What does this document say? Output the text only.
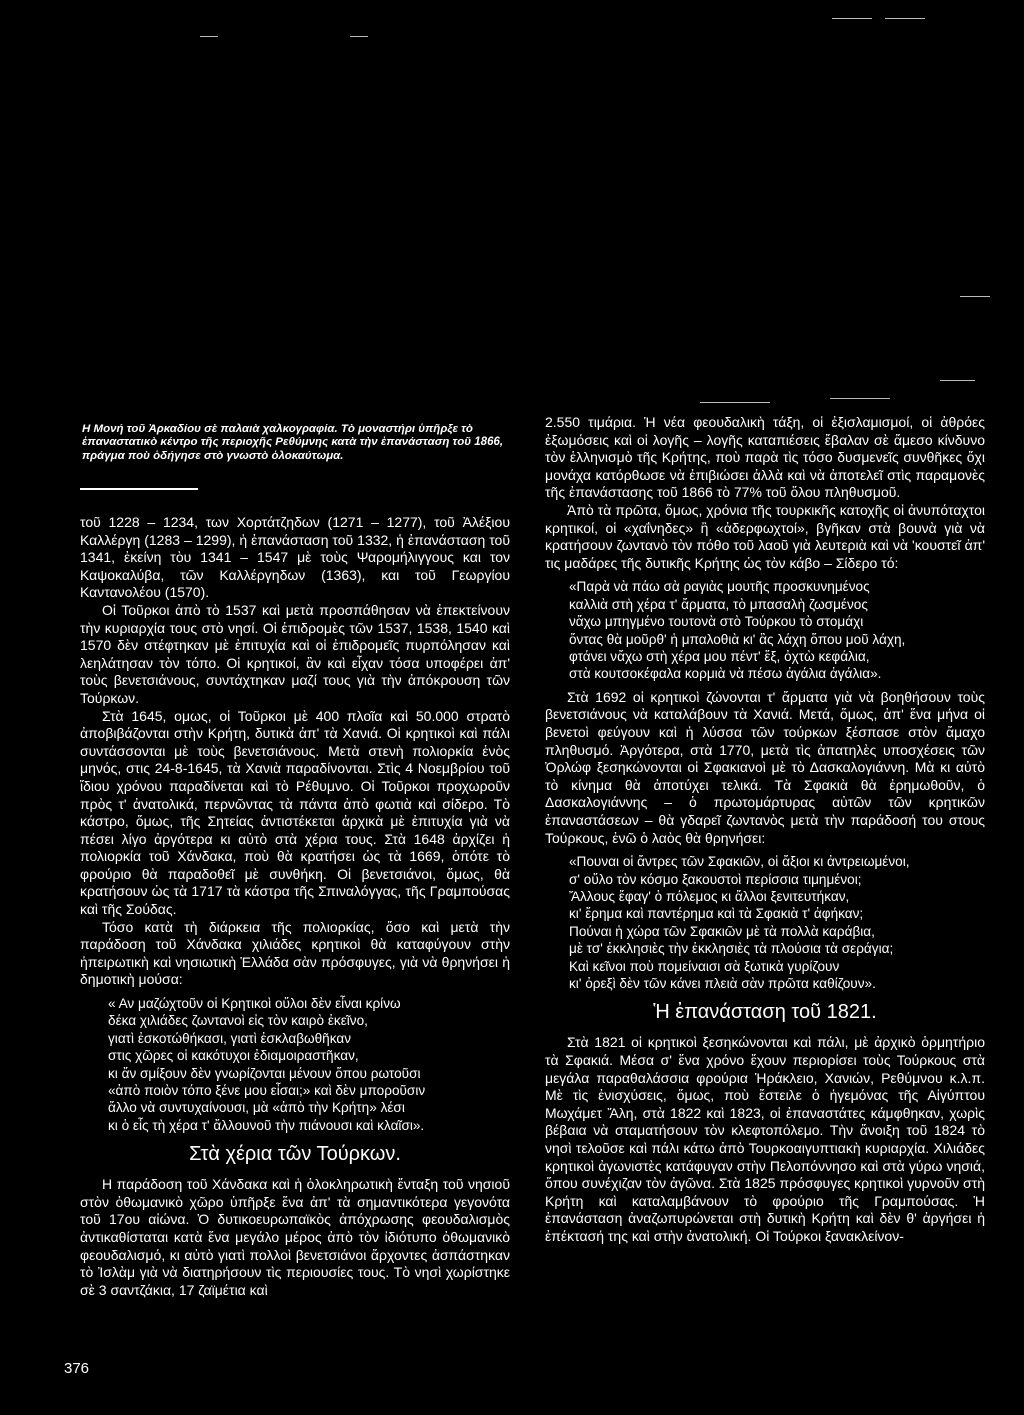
Η Μονή τοῦ Ἀρκαδίου σὲ παλαιὰ χαλκογραφία. Τὸ μοναστήρι ὑπῆρξε τὸ ἐπαναστατικὸ κέντρο τῆς περιοχῆς Ρεθύμνης κατὰ τὴν ἐπανάσταση τοῦ 1866, πράγμα ποὺ ὁδήγησε στὸ γνωστὸ ὁλοκαύτωμα.

τοῦ 1228 – 1234, των Χορτάτζηδων (1271 – 1277), τοῦ Ἀλέξιου Καλλέργη (1283 – 1299), ἡ ἐπανάσταση τοῦ 1332, ἡ ἐπανάσταση τοῦ 1341, ἐκείνη τὸυ 1341 – 1547 μὲ τοὺς Ψαρομήλιγγους και τον Καψοκαλύβα, τῶν Καλλέργηδων (1363), και τοῦ Γεωργίου Καντανολέου (1570).

Οἱ Τοῦρκοι ἀπὸ τὸ 1537 καὶ μετὰ προσπάθησαν νὰ ἐπεκτείνουν τὴν κυριαρχία τους στὸ νησί. Οἱ ἐπιδρομὲς τῶν 1537, 1538, 1540 καὶ 1570 δὲν στέφτηκαν μὲ ἐπιτυχία καὶ οἱ ἐπιδρομεῖς πυρπόλησαν καὶ λεηλάτησαν τὸν τόπο. Οἱ κρητικοί, ἂν καὶ εἶχαν τόσα υποφέρει ἀπ' τοὺς βενετσιάνους, συντάχτηκαν μαζί τους γιὰ τὴν ἀπόκρουση τῶν Τούρκων.

Στὰ 1645, ομως, οἱ Τοῦρκοι μὲ 400 πλοῖα καὶ 50.000 στρατὸ ἀποβιβάζονται στὴν Κρήτη, δυτικὰ ἀπ' τὰ Χανιά. Οἱ κρητικοὶ καὶ πάλι συντάσσονται μὲ τοὺς βενετσιάνους. Μετὰ στενὴ πολιορκία ἑνὸς μηνός, στις 24-8-1645, τὰ Χανιὰ παραδίνονται. Στὶς 4 Νοεμβρίου τοῦ ἴδιου χρόνου παραδίνεται καὶ τὸ Ρέθυμνο. Οἱ Τοῦρκοι προχωροῦν πρὸς τ' ἀνατολικά, περνῶντας τὰ πάντα ἀπὸ φωτιὰ καὶ σίδερο. Τὸ κάστρο, ὅμως, τῆς Σητείας ἀντιστέκεται ἀρχικὰ μὲ ἐπιτυχία γιὰ νὰ πέσει λίγο ἀργότερα κι αὐτὸ στὰ χέρια τους. Στὰ 1648 ἀρχίζει ἡ πολιορκία τοῦ Χάνδακα, ποὺ θὰ κρατήσει ὡς τὰ 1669, ὁπότε τὸ φρούριο θὰ παραδοθεῖ μὲ συνθήκη. Οἱ βενετσιάνοι, ὅμως, θὰ κρατήσουν ὡς τὰ 1717 τὰ κάστρα τῆς Σπιναλόγγας, τῆς Γραμπούσας καὶ τῆς Σούδας.

Τόσο κατὰ τὴ διάρκεια τῆς πολιορκίας, ὅσο καὶ μετὰ τὴν παράδοση τοῦ Χάνδακα χιλιάδες κρητικοὶ θὰ καταφύγουν στὴν ἠπειρωτικὴ καὶ νησιωτικὴ Ἑλλάδα σὰν πρόσφυγες, γιὰ νὰ θρηνήσει ἡ δημοτικὴ μούσα:

« Αν μαζώχτοῦν οἱ Κρητικοὶ οὕλοι δὲν εἶναι κρίνω
δέκα χιλιάδες ζωντανοὶ εἰς τὸν καιρὸ ἐκεῖνο,
γιατὶ ἐσκοτώθήκασι, γιατὶ ἐσκλαβωθῆκαν
στις χῶρες οἱ κακότυχοι ἐδιαμοιραστῆκαν,
κι ἄν σμίξουν δὲν γνωρίζονται μένουν ὅπου ρωτοῦσι
«ἀπὸ ποιὸν τόπο ξένε μου εἶσαι;» καὶ δὲν μποροῦσιν
ἄλλο νὰ συντυχαίνουσι, μὰ «ἀπὸ τὴν Κρήτη» λέσι
κι ὁ εἷς τὴ χέρα τ' ἄλλουνοῦ τὴν πιάνουσι καὶ κλαῖσι».
Στὰ χέρια τῶν Τούρκων.

Η παράδοση τοῦ Χάνδακα καὶ ἡ ὁλοκληρωτικὴ ἔνταξη τοῦ νησιοῦ στὸν ὀθωμανικὸ χῶρο ὑπῆρξε ἕνα ἀπ' τὰ σημαντικότερα γεγονότα τοῦ 17ου αἰώνα. Ὁ δυτικοευρωπαϊκὸς ἀπόχρωσης φεουδαλισμὸς ἀντικαθίσταται κατὰ ἕνα μεγάλο μέρος ἀπὸ τὸν ἰδιότυπο ὀθωμανικὸ φεουδαλισμό, κι αὐτὸ γιατὶ πολλοὶ βενετσιάνοι ἄρχοντες ἀσπάστηκαν τὸ Ἰσλὰμ γιὰ νὰ διατηρήσουν τὶς περιουσίες τους. Τὸ νησὶ χωρίστηκε σὲ 3 σαντζάκια, 17 ζαϊμέτια καὶ

2.550 τιμάρια. Ἡ νέα φεουδαλικὴ τάξη, οἱ ἐξισλαμισμοί, οἱ ἀθρόες ἐξωμόσεις καὶ οἱ λογῆς – λογῆς καταπιέσεις ἔβαλαν σὲ ἄμεσο κίνδυνο τὸν ἑλληνισμὸ τῆς Κρήτης, ποὺ παρὰ τὶς τόσο δυσμενεῖς συνθῆκες ὄχι μονάχα κατόρθωσε νὰ ἐπιβιώσει ἀλλὰ καὶ νὰ ἀποτελεῖ στὶς παραμονὲς τῆς ἐπανάστασης τοῦ 1866 τὸ 77% τοῦ ὅλου πληθυσμοῦ.

Ἀπὸ τὰ πρῶτα, ὅμως, χρόνια τῆς τουρκικῆς κατοχῆς οἱ ἀνυπόταχτοι κρητικοί, οἱ «χαΐνηδες» ἢ «ἀδερφωχτοί», βγῆκαν στὰ βουνὰ γιὰ νὰ κρατήσουν ζωντανὸ τὸν πόθο τοῦ λαοῦ γιὰ λευτεριὰ καὶ νὰ 'κουστεῖ ἀπ' τις μαδάρες τῆς δυτικῆς Κρήτης ὡς τὸν κάβο – Σίδερο τό:

«Παρὰ νὰ πάω σὰ ραγιὰς μουτῆς προσκυνημένος
καλλιὰ στὴ χέρα τ' ἄρματα, τὸ μπασαλὴ ζωσμένος
νἄχω μπηγμένο τουτονὰ στὸ Τούρκου τὸ στομάχι
ὄντας θὰ μοῦρθ' ἡ μπαλοθιὰ κι' ἂς λάχη ὅπου μοῦ λάχη,
φτάνει νἄχω στὴ χέρα μου πέντ' ἕξ, ὀχτὼ κεφάλια,
στὰ κουτσοκέφαλα κορμιὰ νὰ πέσω ἀγάλια ἀγάλια».

Στὰ 1692 οἱ κρητικοὶ ζώνονται τ' ἄρματα γιὰ νὰ βοηθήσουν τοὺς βενετσιάνους νὰ καταλάβουν τὰ Χανιά. Μετά, ὅμως, ἀπ' ἕνα μήνα οἱ βενετοὶ φεύγουν καὶ ἡ λύσσα τῶν τούρκων ξέσπασε στὸν ἄμαχο πληθυσμό. Ἀργότερα, στὰ 1770, μετὰ τὶς ἀπατηλὲς υποσχέσεις τῶν Ὀρλώφ ξεσηκώνονται οἱ Σφακιανοὶ μὲ τὸ Δασκαλογιάννη. Μὰ κι αὐτὸ τὸ κίνημα θὰ ἀποτύχει τελικά. Τὰ Σφακιὰ θὰ ἐρημωθοῦν, ὁ Δασκαλογιάννης – ὁ πρωτομάρτυρας αὐτῶν τῶν κρητικῶν ἐπαναστάσεων – θὰ γδαρεῖ ζωντανὸς μετὰ τὴν παράδοσή του στους Τούρκους, ἐνῶ ὁ λαὸς θὰ θρηνήσει:

«Πουναι οἱ ἄντρες τῶν Σφακιῶν, οἱ ἄξιοι κι ἀντρειωμένοι,
σ' οὕλο τὸν κόσμο ξακουστοὶ περίσσια τιμημένοι;
Ἄλλους ἔφαγ' ὁ πόλεμος κι ἄλλοι ξενιτευτήκαν,
κι' ἔρημα καὶ παντέρημα καὶ τὰ Σφακιὰ τ' ἀφήκαν;
Πούναι ἡ χώρα τῶν Σφακιῶν μὲ τὰ πολλὰ καράβια,
μὲ τσ' ἐκκλησιὲς τὴν ἐκκλησιὲς τὰ πλούσια τὰ σεράγια;
Καὶ κεῖνοι ποὺ πομείναισι σὰ ξωτικὰ γυρίζουν
κι' ὀρεξὶ δὲν τῶν κάνει πλειὰ σὰν πρῶτα καθίζουν».
Ἡ ἐπανάσταση τοῦ 1821.

Στὰ 1821 οἱ κρητικοὶ ξεσηκώνονται καὶ πάλι, μὲ ἀρχικὸ ὁρμητήριο τὰ Σφακιά. Μέσα σ' ἕνα χρόνο ἔχουν περιορίσει τοὺς Τούρκους στὰ μεγάλα παραθαλάσσια φρούρια Ἡράκλειο, Χανιών, Ρεθύμνου κ.λ.π. Μὲ τὶς ἐνισχύσεις, ὅμως, ποὺ ἔστειλε ὁ ἡγεμόνας τῆς Αἰγύπτου Μωχάμετ Ἄλη, στὰ 1822 καὶ 1823, οἱ ἐπαναστάτες κάμφθηκαν, χωρὶς βέβαια νὰ σταματήσουν τὸν κλεφτοπόλεμο. Τὴν ἄνοιξη τοῦ 1824 τὸ νησὶ τελοῦσε καὶ πάλι κάτω ἀπὸ Τουρκοαιγυπτιακὴ κυριαρχία. Χιλιάδες κρητικοὶ ἀγωνιστὲς κατάφυγαν στὴν Πελοπόννησο καὶ στὰ γύρω νησιά, ὅπου συνέχιζαν τὸν ἀγῶνα. Στὰ 1825 πρόσφυγες κρητικοὶ γυρνοῦν στὴ Κρήτη καὶ καταλαμβάνουν τὸ φρούριο τῆς Γραμπούσας. Ἡ ἐπανάσταση ἀναζωπυρώνεται στὴ δυτικὴ Κρήτη καὶ δὲν θ' ἀργήσει ἡ ἐπέκτασή της καὶ στὴν ἀνατολική. Οἱ Τούρκοι ξανακλείνον-

376
